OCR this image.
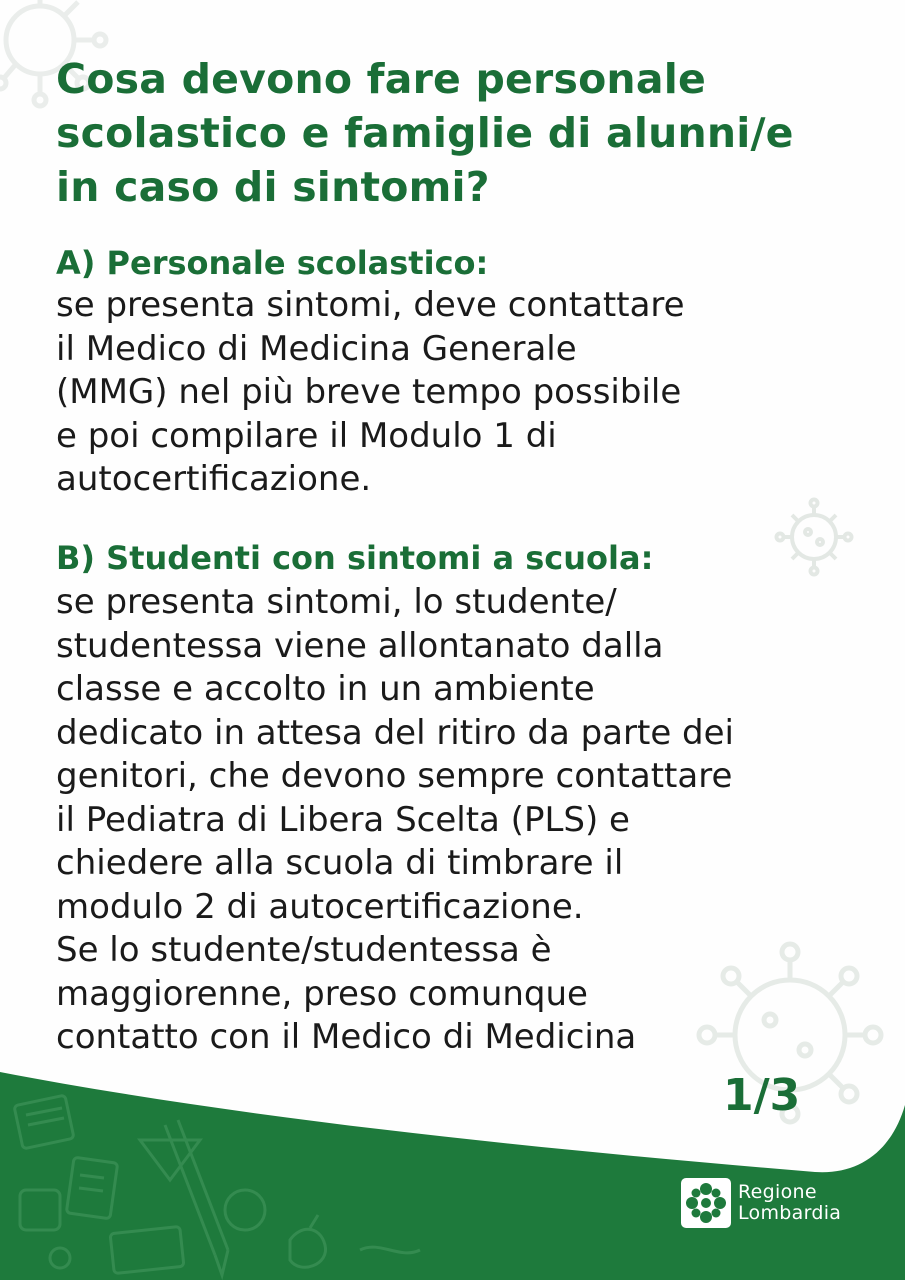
Cosa devono fare personale
scolastico e famiglie di alunni/e
in caso di sintomi?
A) Personale scolastico:
se presenta sintomi, deve contattare
il Medico di Medicina Generale
(MMG) nel più breve tempo possibile
e poi compilare il Modulo 1 di
autocertificazione.
B) Studenti con sintomi a scuola:
se presenta sintomi, lo studente/
studentessa viene allontanato dalla
classe e accolto in un ambiente
dedicato in attesa del ritiro da parte dei
genitori, che devono sempre contattare
il Pediatra di Libera Scelta (PLS) e
chiedere alla scuola di timbrare il
modulo 2 di autocertificazione.
Se lo studente/studentessa è
maggiorenne, preso comunque
contatto con il Medico di Medicina
1/3
Regione
Lombardia
